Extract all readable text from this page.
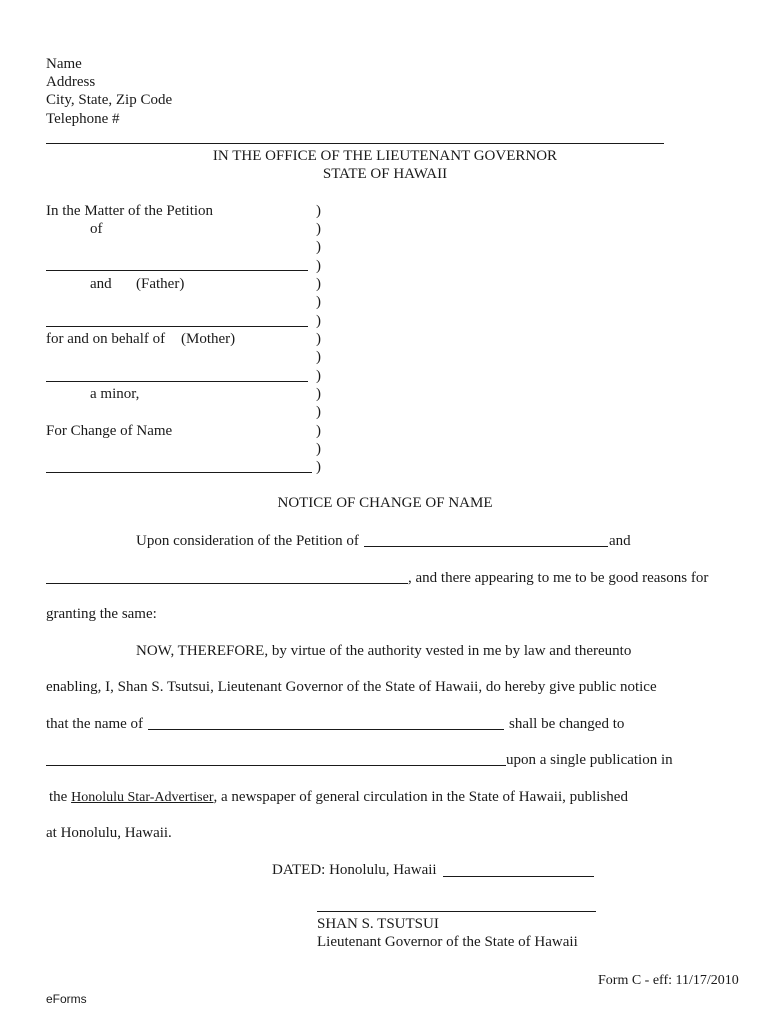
Name
Address
City, State, Zip Code
Telephone #
IN THE OFFICE OF THE LIEUTENANT GOVERNOR
STATE OF HAWAII
In the Matter of the Petition
of
and (Father)
for and on behalf of (Mother)
a minor,
For Change of Name
)
)
)
)
)
)
)
)
)
)
)
)
)
)
)
NOTICE OF CHANGE OF NAME
Upon consideration of the Petition of	and
, and there appearing to me to be good reasons for
granting the same:
NOW, THEREFORE, by virtue of the authority vested in me by law and thereunto
enabling, I, Shan S. Tsutsui, Lieutenant Governor of the State of Hawaii, do hereby give public notice
that the name of	shall be changed to
upon a single publication in
the Honolulu Star-Advertiser, a newspaper of general circulation in the State of Hawaii, published
at Honolulu, Hawaii.
DATED: Honolulu, Hawaii
SHAN S. TSUTSUI
Lieutenant Governor of the State of Hawaii
Form C - eff: 11/17/2010
eForms
